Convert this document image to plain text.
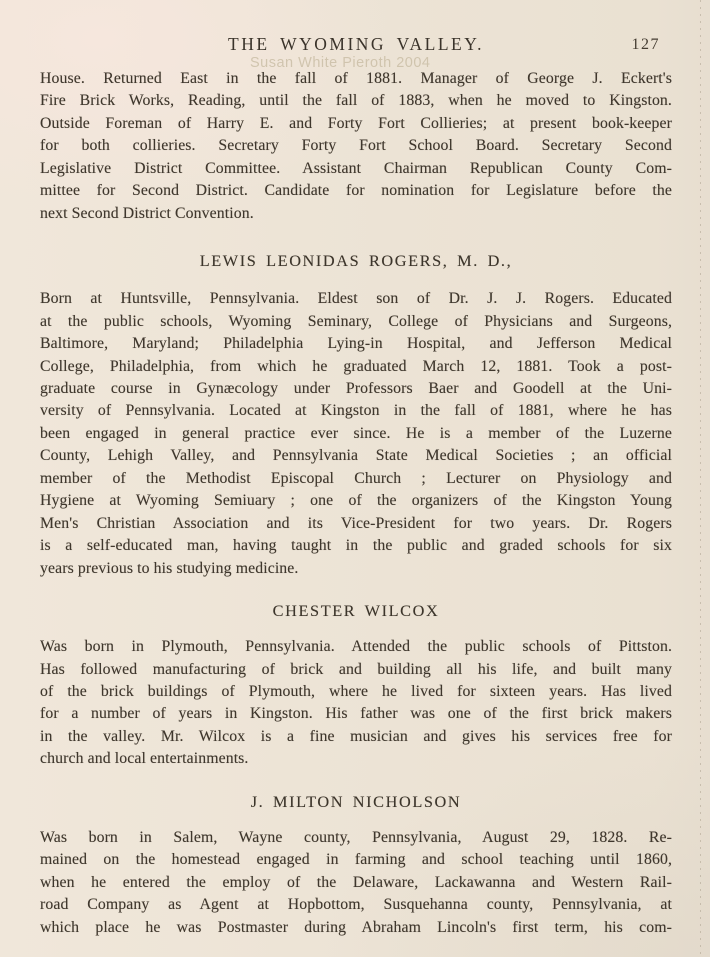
THE WYOMING VALLEY.	127
Susan White Pieroth 2004
House. Returned East in the fall of 1881. Manager of George J. Eckert's
Fire Brick Works, Reading, until the fall of 1883, when he moved to Kingston.
Outside Foreman of Harry E. and Forty Fort Collieries; at present book-keeper
for both collieries. Secretary Forty Fort School Board. Secretary Second
Legislative District Committee. Assistant Chairman Republican County Com-
mittee for Second District. Candidate for nomination for Legislature before the
next Second District Convention.
LEWIS LEONIDAS ROGERS, M. D.,
Born at Huntsville, Pennsylvania. Eldest son of Dr. J. J. Rogers. Educated
at the public schools, Wyoming Seminary, College of Physicians and Surgeons,
Baltimore, Maryland; Philadelphia Lying-in Hospital, and Jefferson Medical
College, Philadelphia, from which he graduated March 12, 1881. Took a post-
graduate course in Gynæcology under Professors Baer and Goodell at the Uni-
versity of Pennsylvania. Located at Kingston in the fall of 1881, where he has
been engaged in general practice ever since. He is a member of the Luzerne
County, Lehigh Valley, and Pennsylvania State Medical Societies ; an official
member of the Methodist Episcopal Church ; Lecturer on Physiology and
Hygiene at Wyoming Semiuary ; one of the organizers of the Kingston Young
Men's Christian Association and its Vice-President for two years. Dr. Rogers
is a self-educated man, having taught in the public and graded schools for six
years previous to his studying medicine.
CHESTER WILCOX
Was born in Plymouth, Pennsylvania. Attended the public schools of Pittston.
Has followed manufacturing of brick and building all his life, and built many
of the brick buildings of Plymouth, where he lived for sixteen years. Has lived
for a number of years in Kingston. His father was one of the first brick makers
in the valley. Mr. Wilcox is a fine musician and gives his services free for
church and local entertainments.
J. MILTON NICHOLSON
Was born in Salem, Wayne county, Pennsylvania, August 29, 1828. Re-
mained on the homestead engaged in farming and school teaching until 1860,
when he entered the employ of the Delaware, Lackawanna and Western Rail-
road Company as Agent at Hopbottom, Susquehanna county, Pennsylvania, at
which place he was Postmaster during Abraham Lincoln's first term, his com-
